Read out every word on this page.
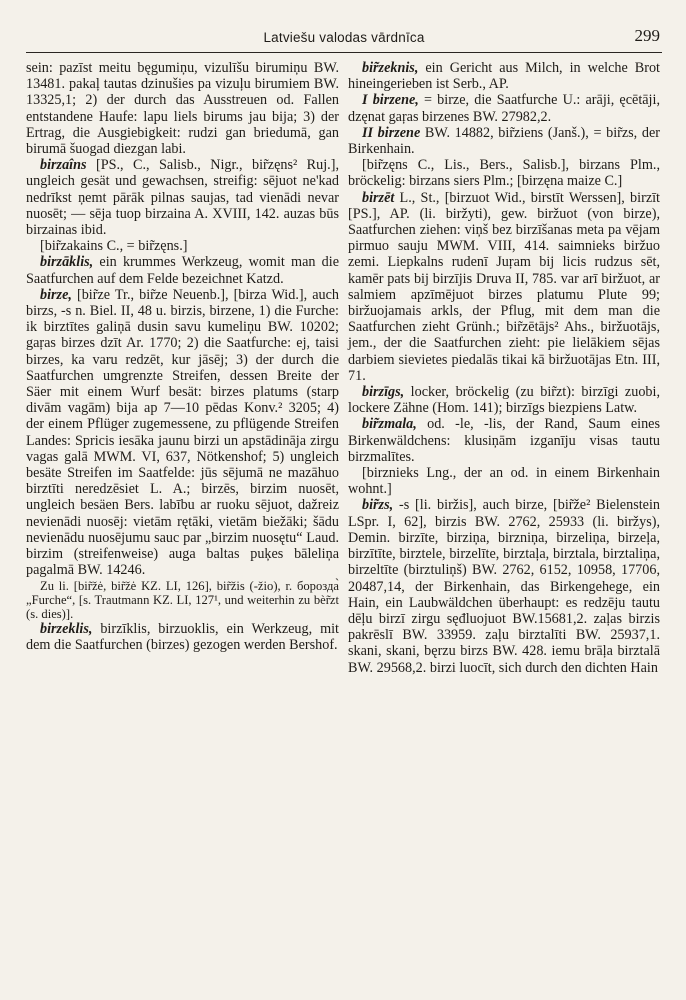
Latviešu valodas vārdnīca	299

sein: pazīst meitu bęgumiņu, vizulīšu birumiņu BW. 13481. pakaļ tautas dzinušies pa vizuļu birumiem BW. 13325,1; 2) der durch das Ausstreuen od. Fallen entstandene Haufe: lapu liels birums jau bija; 3) der Ertrag, die Ausgiebigkeit: rudzi gan briedumā, gan birumā šuogad diezgan labi.

birzaîns [PS., C., Salisb., Nigr., bir̃zęns² Ruj.], ungleich gesät und gewachsen, streifig: sējuot ne'kad nedrīkst ņemt pārāk pilnas saujas, tad vienādi nevar nuosēt; — sēja tuop birzaina A. XVIII, 142. auzas būs birzainas ibid.

[bir̃zakains C., = bir̃zęns.]

birzāklis, ein krummes Werkzeug, womit man die Saatfurchen auf dem Felde bezeichnet Katzd.

birze, [bir̃ze Tr., bir̃ze Neuenb.], [birza Wid.], auch birzs, -s n. Biel. II, 48 u. birzis, birzene, 1) die Furche: ik birztītes galiņā dusin savu kumeliņu BW. 10202; gaŗas birzes dzīt Ar. 1770; 2) die Saatfurche: ej, taisi birzes, ka varu redzēt, kur jāsēj; 3) der durch die Saatfurchen umgrenzte Streifen, dessen Breite der Säer mit einem Wurf besät: birzes platums (starp divām vagām) bija ap 7—10 pēdas Konv.² 3205; 4) der einem Pflüger zugemessene, zu pflügende Streifen Landes: Spricis iesāka jaunu birzi un apstādināja zirgu vagas galā MWM. VI, 637, Nötkenshof; 5) ungleich besäte Streifen im Saatfelde: jūs sējumā ne mazāhuo birztīti neredzēsiet L. A.; birzēs, birzim nuosēt, ungleich besäen Bers. labību ar ruoku sējuot, dažreiz nevienādi nuosēj: vietām rętāki, vietām biežāki; šādu nevienādu nuosējumu sauc par „birzim nuosętu“ Laud. birzim (streifenweise) auga baltas puķes bāleliņa pagalmā BW. 14246.

Zu li. [bir̃žė, bir̃žė KZ. LI, 126], bir̃žis (-žio), r. борозда̀ „Furche“, [s. Trautmann KZ. LI, 127¹, und weiterhin zu bèr̃zt (s. dies)].

birzeklis, birzīklis, birzuoklis, ein Werkzeug, mit dem die Saatfurchen (birzes) gezogen werden Bershof.

bir̃zeknis, ein Gericht aus Milch, in welche Brot hineingerieben ist Serb., AP.

I birzene, = birze, die Saatfurche U.: arāji, ęcētāji, dzęnat gaŗas birzenes BW. 27982,2.

II birzene BW. 14882, bir̃ziens (Janš.), = bir̃zs, der Birkenhain.

[bir̃zęns C., Lis., Bers., Salisb.], birzans Plm., bröckelig: birzans siers Plm.; [birzęna maize C.]

birzēt L., St., [birzuot Wid., birstīt Werssen], birzīt [PS.], AP. (li. biržyti), gew. biržuot (von birze), Saatfurchen ziehen: viņš bez birzīšanas meta pa vējam pirmuo sauju MWM. VIII, 414. saimnieks biržuo zemi. Liepkalns rudenī Juŗam bij licis rudzus sēt, kamēr pats bij birzījis Druva II, 785. var arī biržuot, ar salmiem apzīmējuot birzes platumu Plute 99; biržuojamais arkls, der Pflug, mit dem man die Saatfurchen zieht Grünh.; bir̃zētājs² Ahs., biržuotājs, jem., der die Saatfurchen zieht: pie lielākiem sējas darbiem sievietes piedalās tikai kā biržuotājas Etn. III, 71.

birzīgs, locker, bröckelig (zu bir̃zt): birzīgi zuobi, lockere Zähne (Hom. 141); birzīgs biezpiens Latw.

bir̃zmala, od. -le, -lis, der Rand, Saum eines Birkenwäldchens: klusiņām izganīju visas tautu birzmalītes.

[birznieks Lng., der an od. in einem Birkenhain wohnt.]

bir̃zs, -s [li. biržis], auch birze, [bir̃že² Bielenstein LSpr. I, 62], birzis BW. 2762, 25933 (li. biržys), Demin. birzīte, birziņa, birzniņa, birzeliņa, birzeļa, birzītīte, birztele, birzelīte, birztaļa, birztala, birztaliņa, birzeltīte (birztuliņš) BW. 2762, 6152, 10958, 17706, 20487,14, der Birkenhain, das Birkengehege, ein Hain, ein Laubwäldchen überhaupt: es redzēju tautu dēļu birzī zirgu sęđluojuot BW.15681,2. zaļas birzis pakrēslī BW. 33959. zaļu birztalīti BW. 25937,1. skani, skani, bęrzu birzs BW. 428. iemu brāļa birztalā BW. 29568,2. birzi luocīt, sich durch den dichten Hain
